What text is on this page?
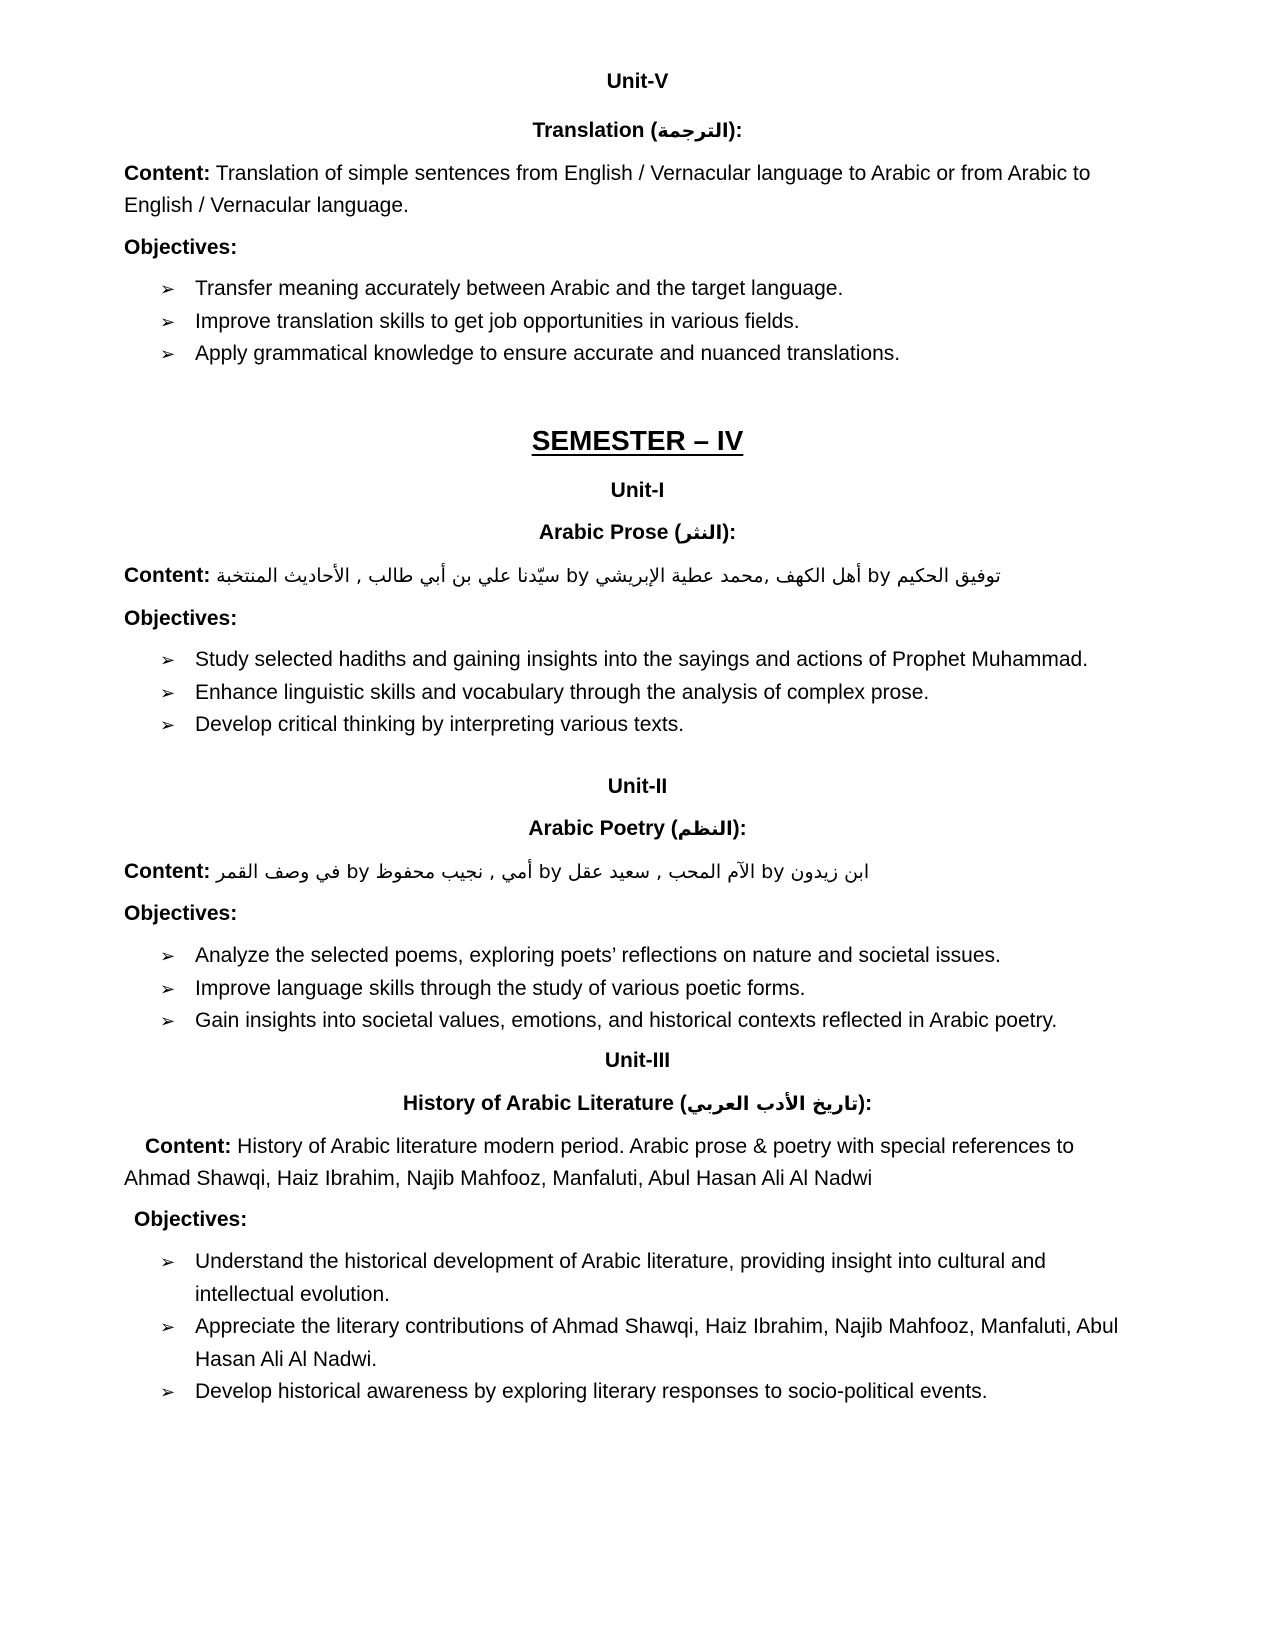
Unit-V
Translation (الترجمة):
Content: Translation of simple sentences from English / Vernacular language to Arabic or from Arabic to English / Vernacular language.
Objectives:
➢ Transfer meaning accurately between Arabic and the target language.
➢ Improve translation skills to get job opportunities in various fields.
➢ Apply grammatical knowledge to ensure accurate and nuanced translations.
SEMESTER – IV
Unit-I
Arabic Prose (النثر):
Content: توفيق الحكيم by أهل الكهف ,محمد عطية الإبريشي by سيّدنا علي بن أبي طالب , الأحاديث المنتخبة
Objectives:
➢ Study selected hadiths and gaining insights into the sayings and actions of Prophet Muhammad.
➢ Enhance linguistic skills and vocabulary through the analysis of complex prose.
➢ Develop critical thinking by interpreting various texts.
Unit-II
Arabic Poetry (النظم):
Content: ابن زيدون by الآم المحب , سعيد عقل by أمي , نجيب محفوظ by في وصف القمر
Objectives:
➢ Analyze the selected poems, exploring poets’ reflections on nature and societal issues.
➢ Improve language skills through the study of various poetic forms.
➢ Gain insights into societal values, emotions, and historical contexts reflected in Arabic poetry.
Unit-III
History of Arabic Literature (تاريخ الأدب العربي):
Content: History of Arabic literature modern period. Arabic prose & poetry with special references to Ahmad Shawqi, Haiz Ibrahim, Najib Mahfooz, Manfaluti, Abul Hasan Ali Al Nadwi
Objectives:
➢ Understand the historical development of Arabic literature, providing insight into cultural and intellectual evolution.
➢ Appreciate the literary contributions of Ahmad Shawqi, Haiz Ibrahim, Najib Mahfooz, Manfaluti, Abul Hasan Ali Al Nadwi.
➢ Develop historical awareness by exploring literary responses to socio-political events.
